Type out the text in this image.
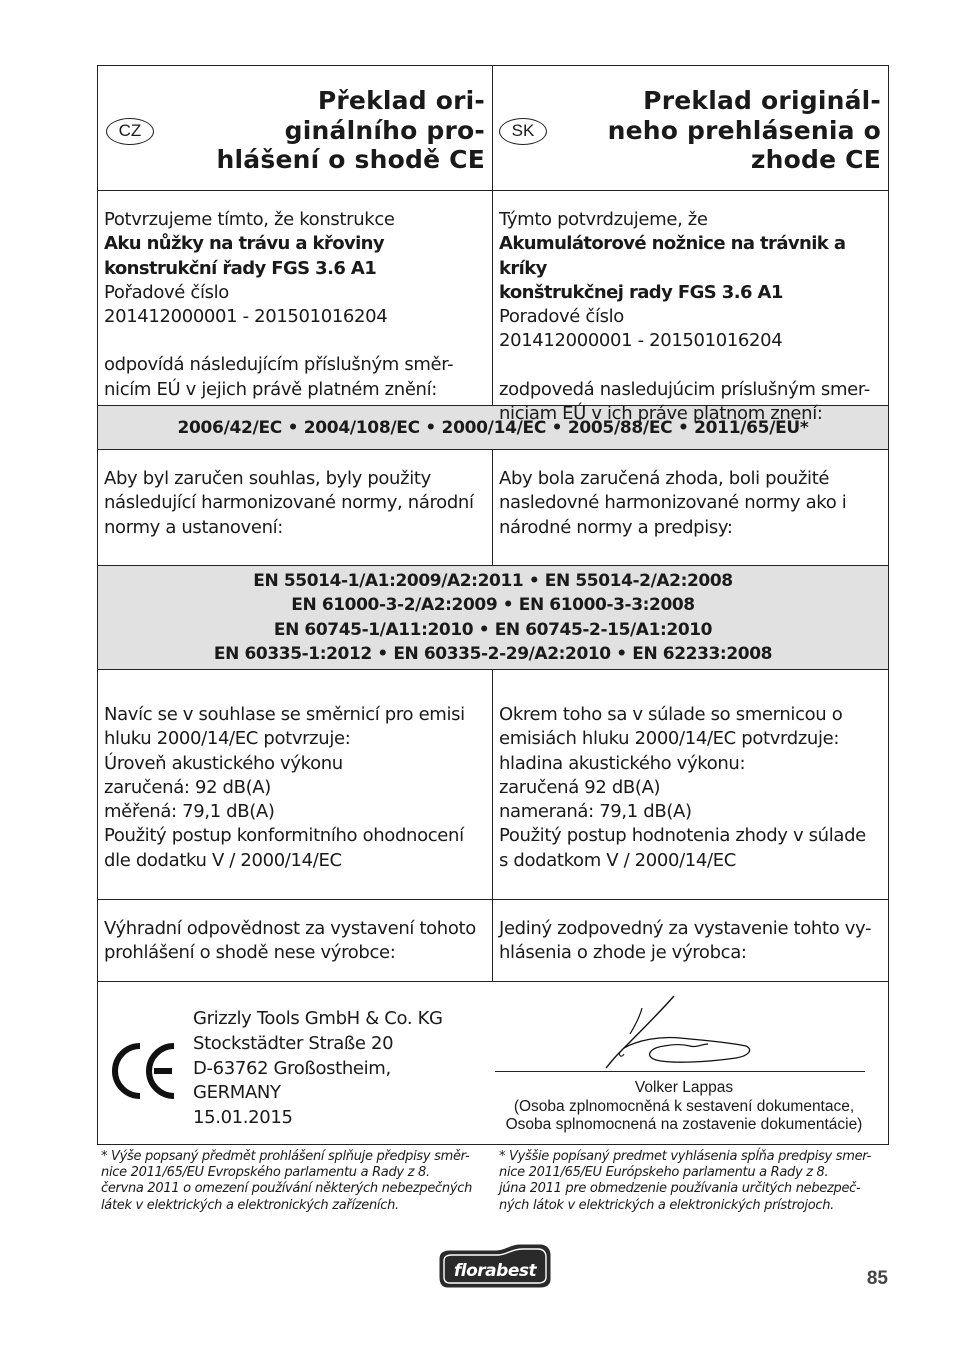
CZ
Překlad ori-
ginálního pro-
hlášení o shodě CE
SK
Preklad originál-
neho prehlásenia o
zhode CE

Potvrzujeme tímto, že konstrukce

Aku nůžky na trávu a křoviny

konstrukční řady FGS 3.6 A1

Pořadové číslo

201412000001 - 201501016204

odpovídá následujícím příslušným směr-

nicím EÚ v jejich právě platném znění:

Týmto potvrdzujeme, že

Akumulátorové nožnice na trávnik a kríky

konštrukčnej rady FGS 3.6 A1

Poradové číslo

201412000001 - 201501016204

zodpovedá nasledujúcim príslušným smer-

niciam EÚ v ich práve platnom znení:

2006/42/EC • 2004/108/EC • 2000/14/EC • 2005/88/EC • 2011/65/EU*

Aby byl zaručen souhlas, byly použity

následující harmonizované normy, národní

normy a ustanovení:

Aby bola zaručená zhoda, boli použité

nasledovné harmonizované normy ako i

národné normy a predpisy:

EN 55014-1/A1:2009/A2:2011 • EN 55014-2/A2:2008
EN 61000-3-2/A2:2009 • EN 61000-3-3:2008
EN 60745-1/A11:2010 • EN 60745-2-15/A1:2010
EN 60335-1:2012 • EN 60335-2-29/A2:2010 • EN 62233:2008

Navíc se v souhlase se směrnicí pro emisi

hluku 2000/14/EC potvrzuje:

Úroveň akustického výkonu

zaručená: 92 dB(A)

měřená: 79,1 dB(A)

Použitý postup konformitního ohodnocení

dle dodatku V / 2000/14/EC

Okrem toho sa v súlade so smernicou o

emisiách hluku 2000/14/EC potvrdzuje:

hladina akustického výkonu:

zaručená 92 dB(A)

nameraná: 79,1 dB(A)

Použitý postup hodnotenia zhody v súlade

s dodatkom V / 2000/14/EC

Výhradní odpovědnost za vystavení tohoto

prohlášení o shodě nese výrobce:

Jediný zodpovedný za vystavenie tohto vy-

hlásenia o zhode je výrobca:

Grizzly Tools GmbH & Co. KG

Stockstädter Straße 20

D-63762 Großostheim,

GERMANY

15.01.2015

Volker Lappas

(Osoba zplnomocněná k sestavení dokumentace,

Osoba splnomocnená na zostavenie dokumentácie)

* Výše popsaný předmět prohlášení splňuje předpisy směr-

nice 2011/65/EU Evropského parlamentu a Rady z 8.

června 2011 o omezení používání některých nebezpečných

látek v elektrických a elektronických zařízeních.

* Vyššie popísaný predmet vyhlásenia spĺňa predpisy smer-

nice 2011/65/EU Európskeho parlamentu a Rady z 8.

júna 2011 pre obmedzenie používania určitých nebezpeč-

ných látok v elektrických a elektronických prístrojoch.

florabest	85
